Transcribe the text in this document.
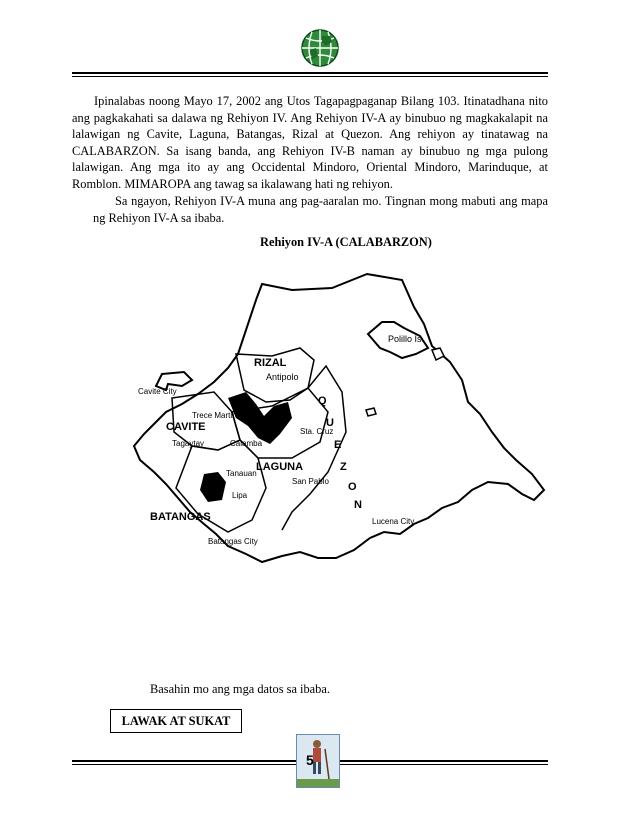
Ipinalabas noong Mayo 17, 2002 ang Utos Tagapagpaganap Bilang 103. Itinatadhana nito ang pagkakahati sa dalawa ng Rehiyon IV. Ang Rehiyon IV-A ay binubuo ng magkakalapit na lalawigan ng Cavite, Laguna, Batangas, Rizal at Quezon. Ang rehiyon ay tinatawag na CALABARZON. Sa isang banda, ang Rehiyon IV-B naman ay binubuo ng mga pulong lalawigan. Ang mga ito ay ang Occidental Mindoro, Oriental Mindoro, Marinduque, at Romblon. MIMAROPA ang tawag sa ikalawang hati ng rehiyon.
Sa ngayon, Rehiyon IV-A muna ang pag-aaralan mo. Tingnan mong mabuti ang mapa ng Rehiyon IV-A sa ibaba.
Rehiyon IV-A (CALABARZON)
RIZAL
CAVITE
LAGUNA
BATANGAS
Q
U
E
Z
O
N
Antipolo
Cavite City
Trece Martires
Tagaytay	Calamba
Sta. Cruz
San Pablo
Tanauan
Lipa
Lucena City
Batangas City
Polillo Is.
Basahin mo ang mga datos sa ibaba.
LAWAK AT SUKAT
5
